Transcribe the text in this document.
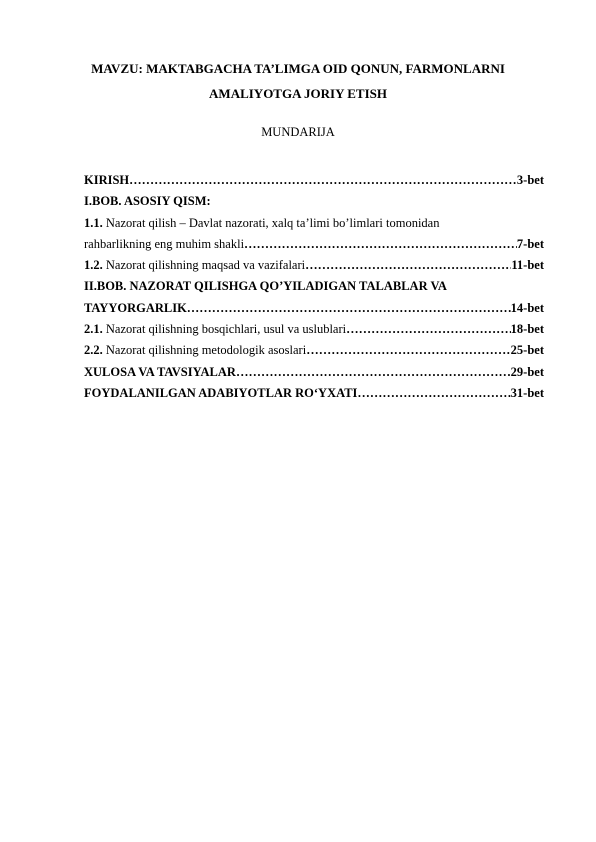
MAVZU: MAKTABGACHA TA’LIMGA OID QONUN, FARMONLARNI
AMALIYOTGA JORIY ETISH
MUNDARIJA
KIRISH ……………………………………………………………………………………………………………………………………………………………	3-bet
I.BOB. ASOSIY QISM:
1.1. Nazorat qilish – Davlat nazorati, xalq ta’limi bo’limlari tomonidan
rahbarlikning eng muhim shakli ……………………………………………………………………………………………………………………………………………………………	7-bet
1.2. Nazorat qilishning maqsad va vazifalari ……………………………………………………………………………………………………………………………………………………………	11-bet
II.BOB. NAZORAT QILISHGA QO’YILADIGAN TALABLAR VA
TAYYORGARLIK ……………………………………………………………………………………………………………………………………………………………	14-bet
2.1. Nazorat qilishning bosqichlari, usul va uslublari ……………………………………………………………………………………………………………………………………………………………	18-bet
2.2. Nazorat qilishning metodologik asoslari ……………………………………………………………………………………………………………………………………………………………	25-bet
XULOSA VA TAVSIYALAR ……………………………………………………………………………………………………………………………………………………………	29-bet
FOYDALANILGAN ADABIYOTLAR RO‘YXATI ……………………………………………………………………………………………………………………………………………………………	31-bet
